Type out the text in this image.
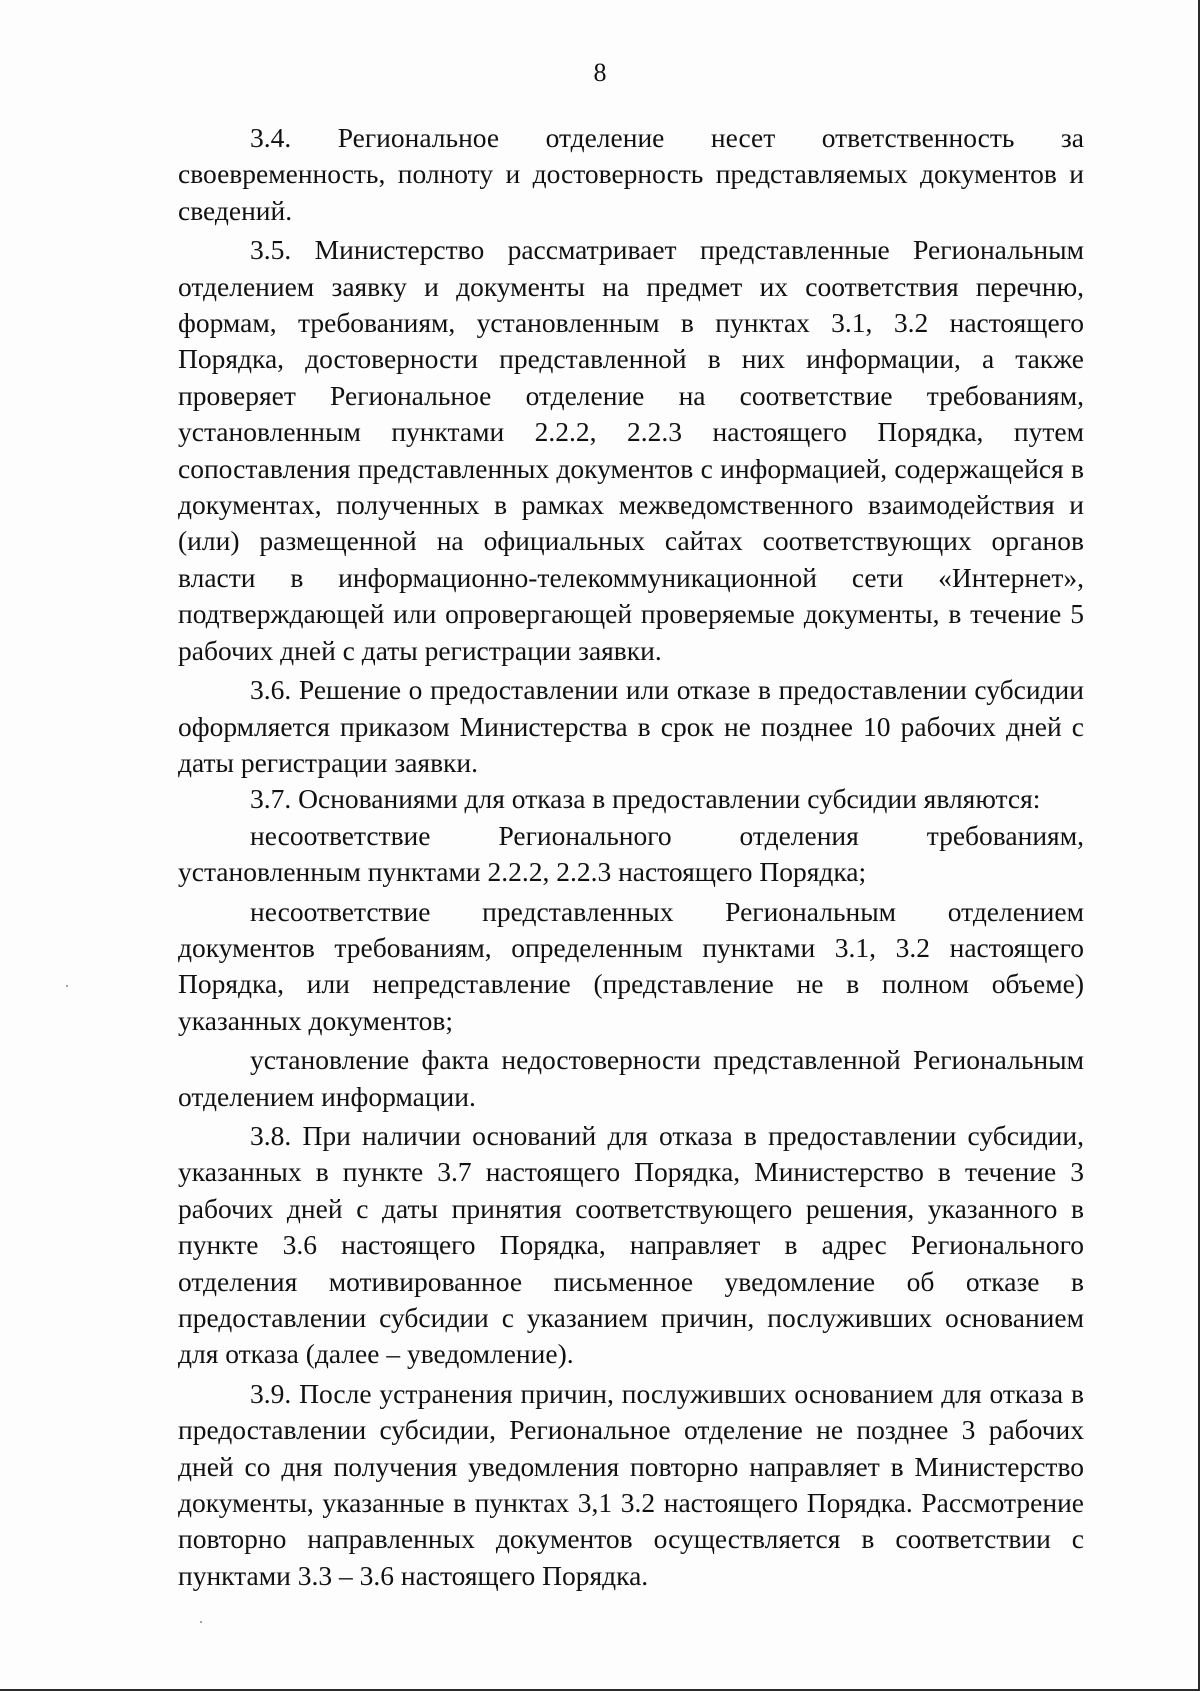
8

3.4. Региональное отделение несет ответственность за своевременность, полноту и достоверность представляемых документов и сведений.

3.5. Министерство рассматривает представленные Региональным отделением заявку и документы на предмет их соответствия перечню, формам, требованиям, установленным в пунктах 3.1, 3.2 настоящего Порядка, достоверности представленной в них информации, а также проверяет Региональное отделение на соответствие требованиям, установленным пунктами 2.2.2, 2.2.3 настоящего Порядка, путем сопоставления представленных документов с информацией, содержащейся в документах, полученных в рамках межведомственного взаимодействия и (или) размещенной на официальных сайтах соответствующих органов власти в информационно-телекоммуникационной сети «Интернет», подтверждающей или опровергающей проверяемые документы, в течение 5 рабочих дней с даты регистрации заявки.

3.6. Решение о предоставлении или отказе в предоставлении субсидии оформляется приказом Министерства в срок не позднее 10 рабочих дней с даты регистрации заявки.

3.7. Основаниями для отказа в предоставлении субсидии являются:

несоответствие Регионального отделения требованиям, установленным пунктами 2.2.2, 2.2.3 настоящего Порядка;

несоответствие представленных Региональным отделением документов требованиям, определенным пунктами 3.1, 3.2 настоящего Порядка, или непредставление (представление не в полном объеме) указанных документов;

установление факта недостоверности представленной Региональным отделением информации.

3.8. При наличии оснований для отказа в предоставлении субсидии, указанных в пункте 3.7 настоящего Порядка, Министерство в течение 3 рабочих дней с даты принятия соответствующего решения, указанного в пункте 3.6 настоящего Порядка, направляет в адрес Регионального отделения мотивированное письменное уведомление об отказе в предоставлении субсидии с указанием причин, послуживших основанием для отказа (далее – уведомление).

3.9. После устранения причин, послуживших основанием для отказа в предоставлении субсидии, Региональное отделение не позднее 3 рабочих дней со дня получения уведомления повторно направляет в Министерство документы, указанные в пунктах 3,1 3.2 настоящего Порядка. Рассмотрение повторно направленных документов осуществляется в соответствии с пунктами 3.3 – 3.6 настоящего Порядка.
